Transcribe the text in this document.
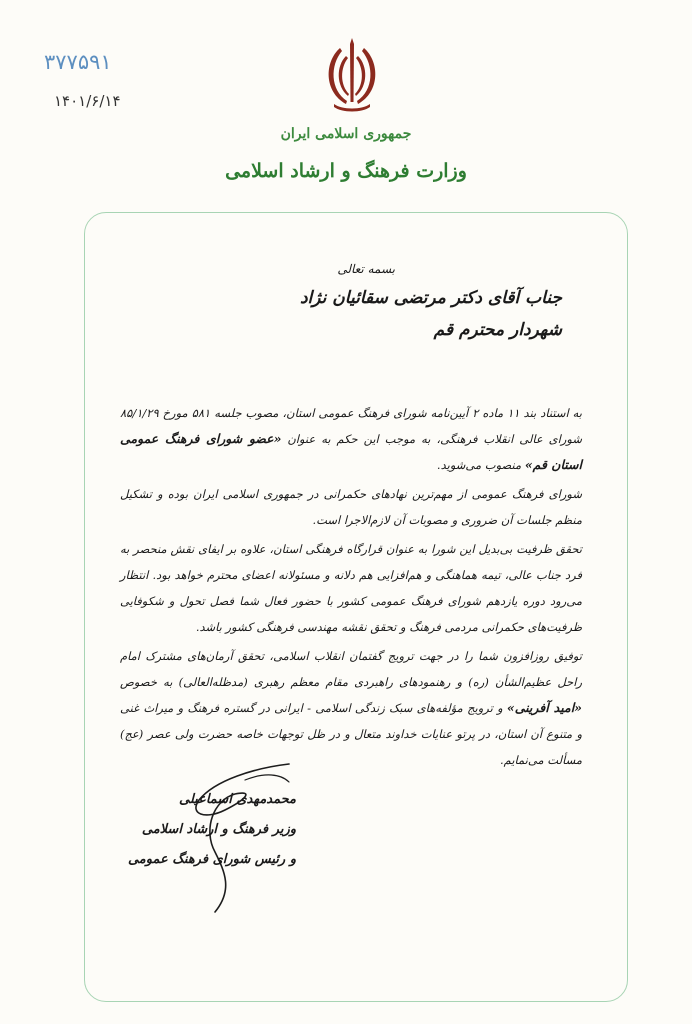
۱۹۵۷۷۳
۱۴۰۱/۶/۱۴
جمهوری اسلامی ایران
وزارت فرهنگ و ارشاد اسلامی
بسمه تعالی
جناب آقای دکتر مرتضی سقائیان نژاد
شهردار محترم قم

به استناد بند ۱۱ ماده ۲ آیین‌نامه شورای فرهنگ عمومی استان، مصوب جلسه ۵۸۱ مورخ ۸۵/۱/۲۹ شورای عالی انقلاب فرهنگی، به موجب این حکم به عنوان «عضو شورای فرهنگ عمومی استان قم» منصوب می‌شوید.

شورای فرهنگ عمومی از مهم‌ترین نهادهای حکمرانی در جمهوری اسلامی ایران بوده و تشکیل منظم جلسات آن ضروری و مصوبات آن لازم‌الاجرا است.

تحقق ظرفیت بی‌بدیل این شورا به عنوان قرارگاه فرهنگی استان، علاوه بر ایفای نقش منحصر به فرد جناب عالی، تیمه هماهنگی و هم‌افزایی هم دلانه و مسئولانه اعضای محترم خواهد بود. انتظار می‌رود دوره یازدهم شورای فرهنگ عمومی کشور با حضور فعال شما فصل تحول و شکوفایی ظرفیت‌های حکمرانی مردمی فرهنگ و تحقق نقشه مهندسی فرهنگی کشور باشد.

توفیق روزافزون شما را در جهت ترویج گفتمان انقلاب اسلامی، تحقق آرمان‌های مشترک امام راحل عظیم‌الشأن (ره) و رهنمودهای راهبردی مقام معظم رهبری (مدظله‌العالی) به خصوص «امید آفرینی» و ترویج مؤلفه‌های سبک زندگی اسلامی - ایرانی در گستره فرهنگ و میراث غنی و متنوع آن استان، در پرتو عنایات خداوند متعال و در ظل توجهات خاصه حضرت ولی عصر (عج) مسألت می‌نمایم.

محمدمهدی اسماعیلی
وزیر فرهنگ و ارشاد اسلامی
و رئیس شورای فرهنگ عمومی
